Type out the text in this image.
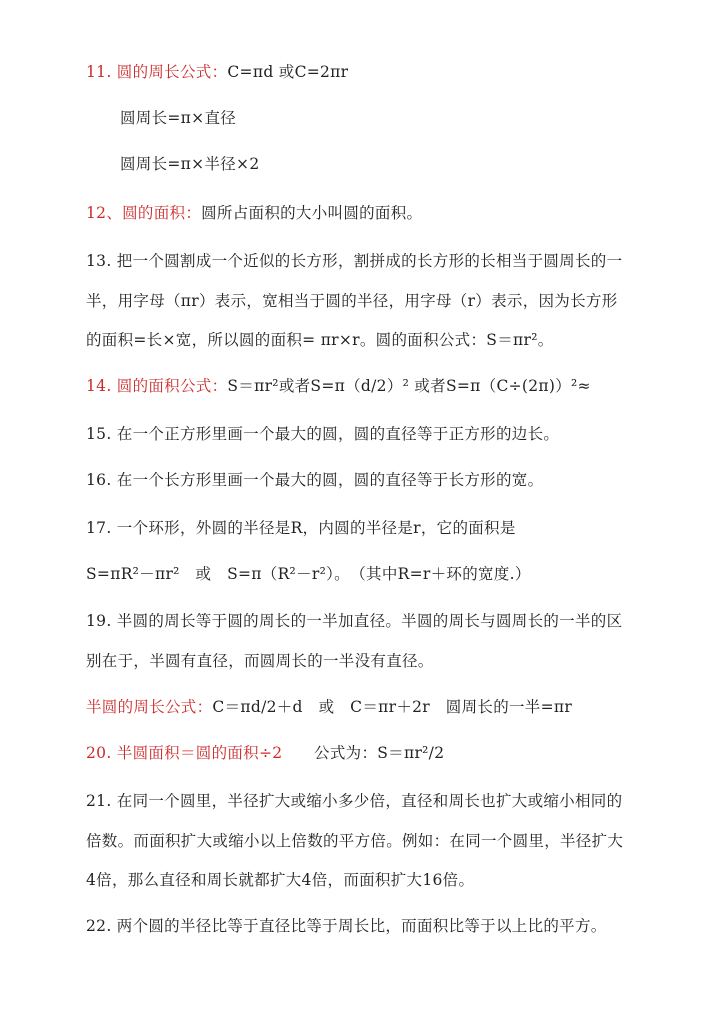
11. 圆的周长公式：C=πd 或C=2πr
圆周长=π×直径
圆周长=π×半径×2
12、圆的面积：圆所占面积的大小叫圆的面积。
13. 把一个圆割成一个近似的长方形，割拼成的长方形的长相当于圆周长的一
半，用字母（πr）表示，宽相当于圆的半径，用字母（r）表示，因为长方形
的面积=长×宽，所以圆的面积= πr×r。圆的面积公式：S＝πr²。
14. 圆的面积公式：S＝πr²或者S=π（d/2）² 或者S=π（C÷(2π)）²≈
15. 在一个正方形里画一个最大的圆，圆的直径等于正方形的边长。
16. 在一个长方形里画一个最大的圆，圆的直径等于长方形的宽。
17. 一个环形，外圆的半径是R，内圆的半径是r，它的面积是
S=πR²－πr²　或　S=π（R²－r²）。　（其中R=r＋环的宽度.）
19. 半圆的周长等于圆的周长的一半加直径。半圆的周长与圆周长的一半的区
别在于，半圆有直径，而圆周长的一半没有直径。
半圆的周长公式：C＝πd/2＋d　或　C＝πr＋2r　圆周长的一半=πr
20. 半圆面积＝圆的面积÷2　　公式为：S＝πr²/2
21. 在同一个圆里，半径扩大或缩小多少倍，直径和周长也扩大或缩小相同的
倍数。而面积扩大或缩小以上倍数的平方倍。例如：在同一个圆里，半径扩大
4倍，那么直径和周长就都扩大4倍，而面积扩大16倍。
22. 两个圆的半径比等于直径比等于周长比，而面积比等于以上比的平方。
